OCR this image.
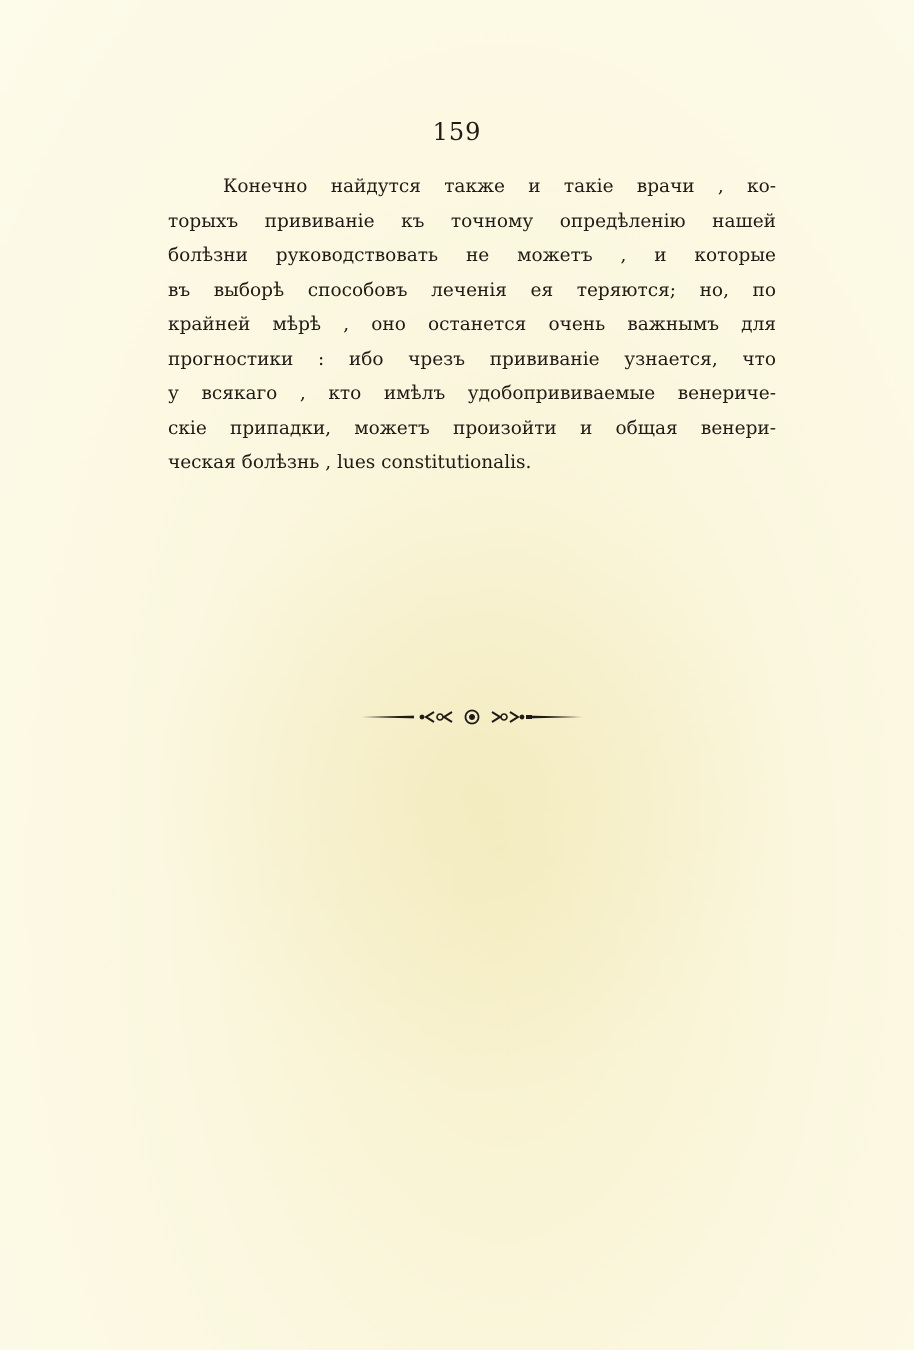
159
Конечно найдутся также и такіе врачи , ко-
торыхъ прививаніе къ точному опредѣленію нашей
болѣзни руководствовать не можетъ , и которые
въ выборѣ способовъ леченія ея теряются; но, по
крайней мѣрѣ , оно останется очень важнымъ для
прогностики : ибо чрезъ прививаніе узнается, что
у всякаго , кто имѣлъ удобопрививаемые венериче-
скіе припадки, можетъ произойти и общая венери-
ческая болѣзнь , lues constitutionalis.
